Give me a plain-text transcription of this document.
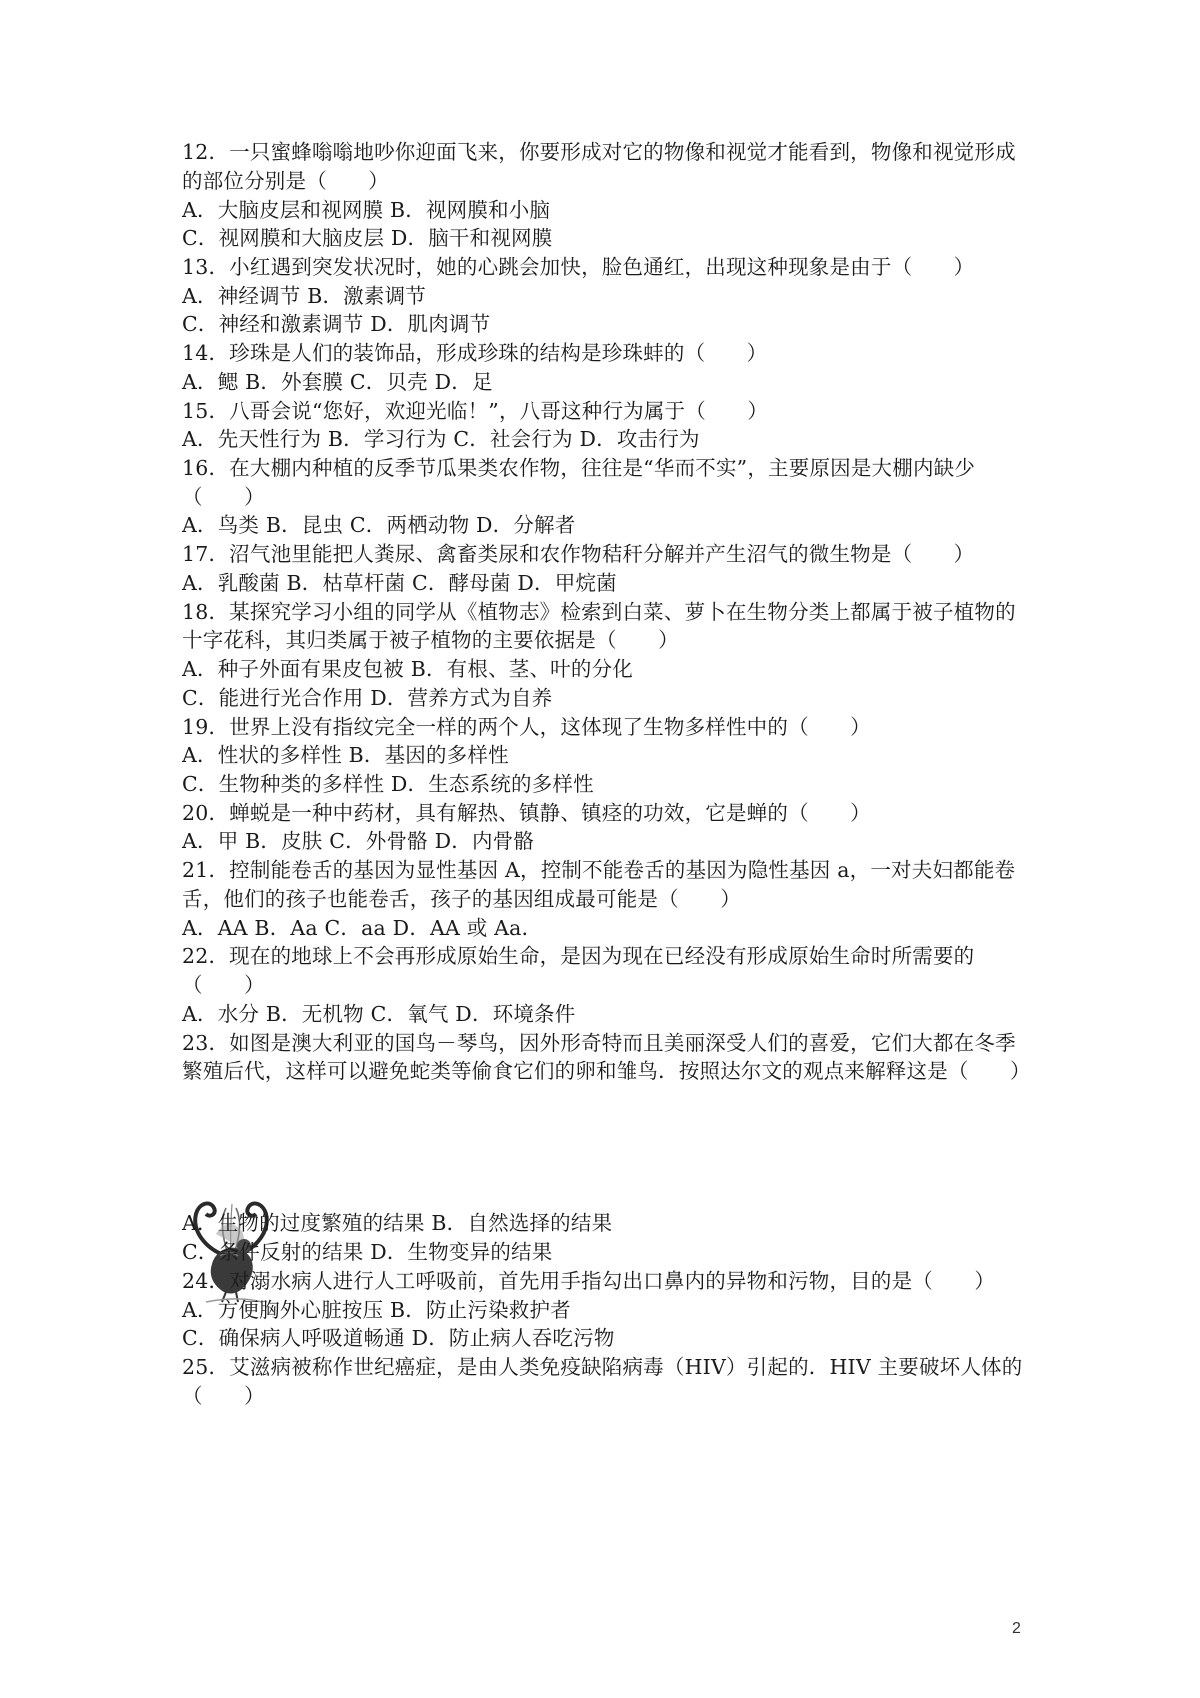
12．一只蜜蜂嗡嗡地吵你迎面飞来，你要形成对它的物像和视觉才能看到，物像和视觉形成
的部位分别是（　　）
A．大脑皮层和视网膜 B．视网膜和小脑
C．视网膜和大脑皮层 D．脑干和视网膜
13．小红遇到突发状况时，她的心跳会加快，脸色通红，出现这种现象是由于（　　）
A．神经调节 B．激素调节
C．神经和激素调节 D．肌肉调节
14．珍珠是人们的装饰品，形成珍珠的结构是珍珠蚌的（　　）
A．鳃 B．外套膜 C．贝壳 D．足
15．八哥会说“您好，欢迎光临！”，八哥这种行为属于（　　）
A．先天性行为 B．学习行为 C．社会行为 D．攻击行为
16．在大棚内种植的反季节瓜果类农作物，往往是“华而不实”，主要原因是大棚内缺少
（　　）
A．鸟类 B．昆虫 C．两栖动物 D．分解者
17．沼气池里能把人粪尿、禽畜类尿和农作物秸秆分解并产生沼气的微生物是（　　）
A．乳酸菌 B．枯草杆菌 C．酵母菌 D．甲烷菌
18．某探究学习小组的同学从《植物志》检索到白菜、萝卜在生物分类上都属于被子植物的
十字花科，其归类属于被子植物的主要依据是（　　）
A．种子外面有果皮包被 B．有根、茎、叶的分化
C．能进行光合作用 D．营养方式为自养
19．世界上没有指纹完全一样的两个人，这体现了生物多样性中的（　　）
A．性状的多样性 B．基因的多样性
C．生物种类的多样性 D．生态系统的多样性
20．蝉蜕是一种中药材，具有解热、镇静、镇痉的功效，它是蝉的（　　）
A．甲 B．皮肤 C．外骨骼 D．内骨骼
21．控制能卷舌的基因为显性基因 A，控制不能卷舌的基因为隐性基因 a，一对夫妇都能卷
舌，他们的孩子也能卷舌，孩子的基因组成最可能是（　　）
A．AA B．Aa C．aa D．AA 或 Aa．
22．现在的地球上不会再形成原始生命，是因为现在已经没有形成原始生命时所需要的
（　　）
A．水分 B．无机物 C．氧气 D．环境条件
23．如图是澳大利亚的国鸟－琴鸟，因外形奇特而且美丽深受人们的喜爱，它们大都在冬季
繁殖后代，这样可以避免蛇类等偷食它们的卵和雏鸟．按照达尔文的观点来解释这是（　　）
A．生物的过度繁殖的结果 B．自然选择的结果
C．条件反射的结果 D．生物变异的结果
24．对溺水病人进行人工呼吸前，首先用手指勾出口鼻内的异物和污物，目的是（　　）
A．方便胸外心脏按压 B．防止污染救护者
C．确保病人呼吸道畅通 D．防止病人吞吃污物
25．艾滋病被称作世纪癌症，是由人类免疫缺陷病毒（HIV）引起的．HIV 主要破坏人体的
（　　）
2
